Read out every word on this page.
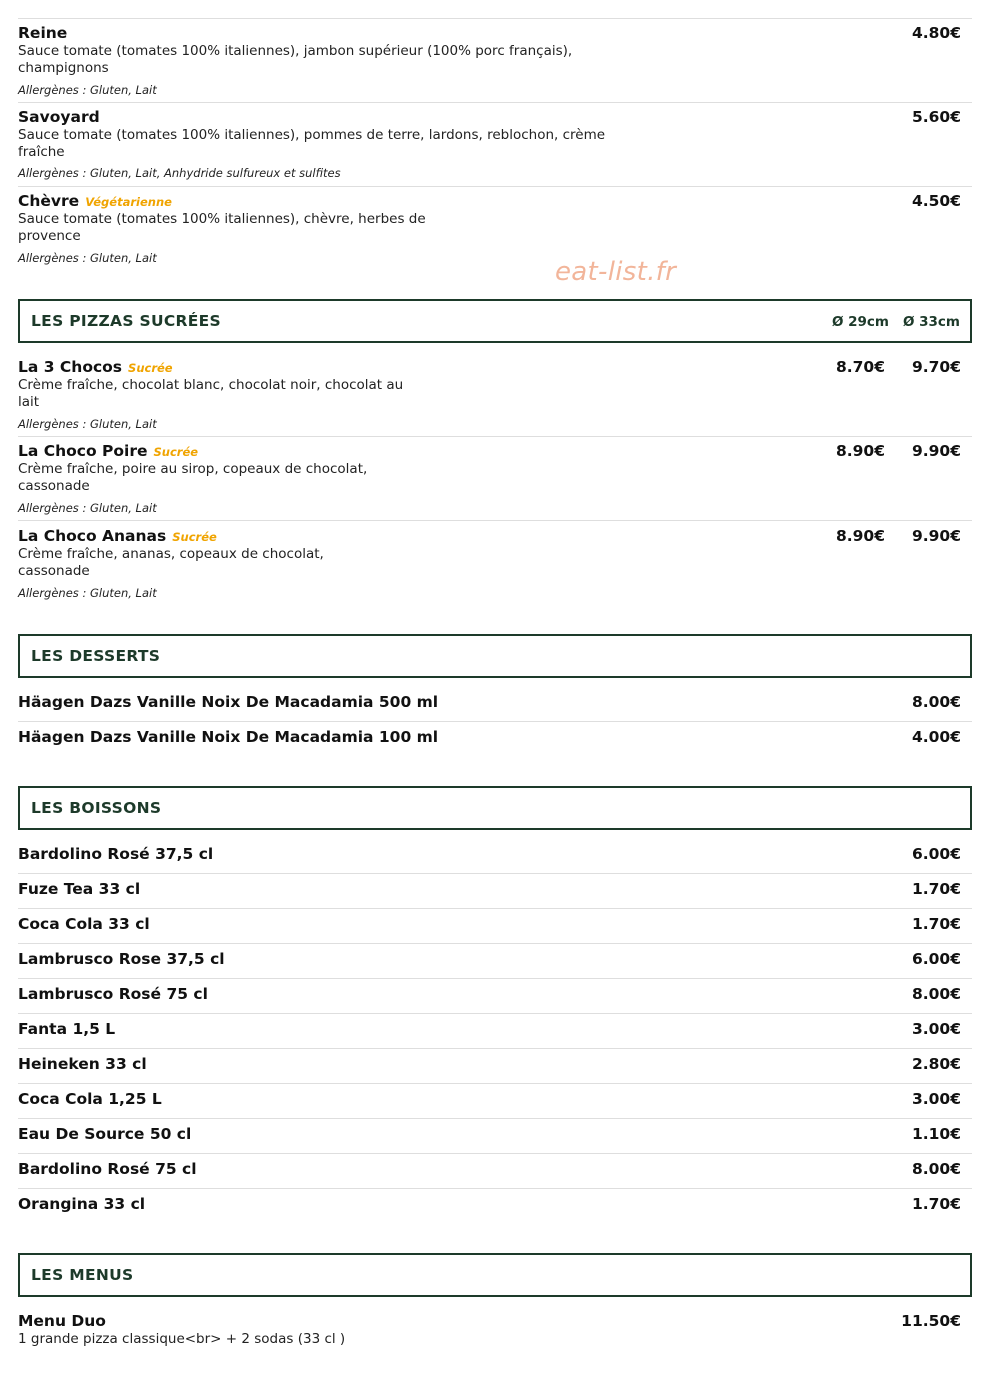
Reine
Sauce tomate (tomates 100% italiennes), jambon supérieur (100% porc français), champignons
Allergènes : Gluten, Lait
4.80€
Savoyard
Sauce tomate (tomates 100% italiennes), pommes de terre, lardons, reblochon, crème fraîche
Allergènes : Gluten, Lait, Anhydride sulfureux et sulfites
5.60€
Chèvre Végétarienne
Sauce tomate (tomates 100% italiennes), chèvre, herbes de provence
Allergènes : Gluten, Lait
4.50€
eat-list.fr
LES PIZZAS SUCRÉES	Ø 29cm Ø 33cm
La 3 Chocos Sucrée
Crème fraîche, chocolat blanc, chocolat noir, chocolat au lait
Allergènes : Gluten, Lait
8.70€ 9.70€
La Choco Poire Sucrée
Crème fraîche, poire au sirop, copeaux de chocolat, cassonade
Allergènes : Gluten, Lait
8.90€ 9.90€
La Choco Ananas Sucrée
Crème fraîche, ananas, copeaux de chocolat, cassonade
Allergènes : Gluten, Lait
8.90€ 9.90€
LES DESSERTS
Häagen Dazs Vanille Noix De Macadamia 500 ml	8.00€
Häagen Dazs Vanille Noix De Macadamia 100 ml	4.00€
LES BOISSONS
Bardolino Rosé 37,5 cl	6.00€
Fuze Tea 33 cl	1.70€
Coca Cola 33 cl	1.70€
Lambrusco Rose 37,5 cl	6.00€
Lambrusco Rosé 75 cl	8.00€
Fanta 1,5 L	3.00€
Heineken 33 cl	2.80€
Coca Cola 1,25 L	3.00€
Eau De Source 50 cl	1.10€
Bardolino Rosé 75 cl	8.00€
Orangina 33 cl	1.70€
LES MENUS
Menu Duo
1 grande pizza classique<br> + 2 sodas (33 cl )
11.50€
